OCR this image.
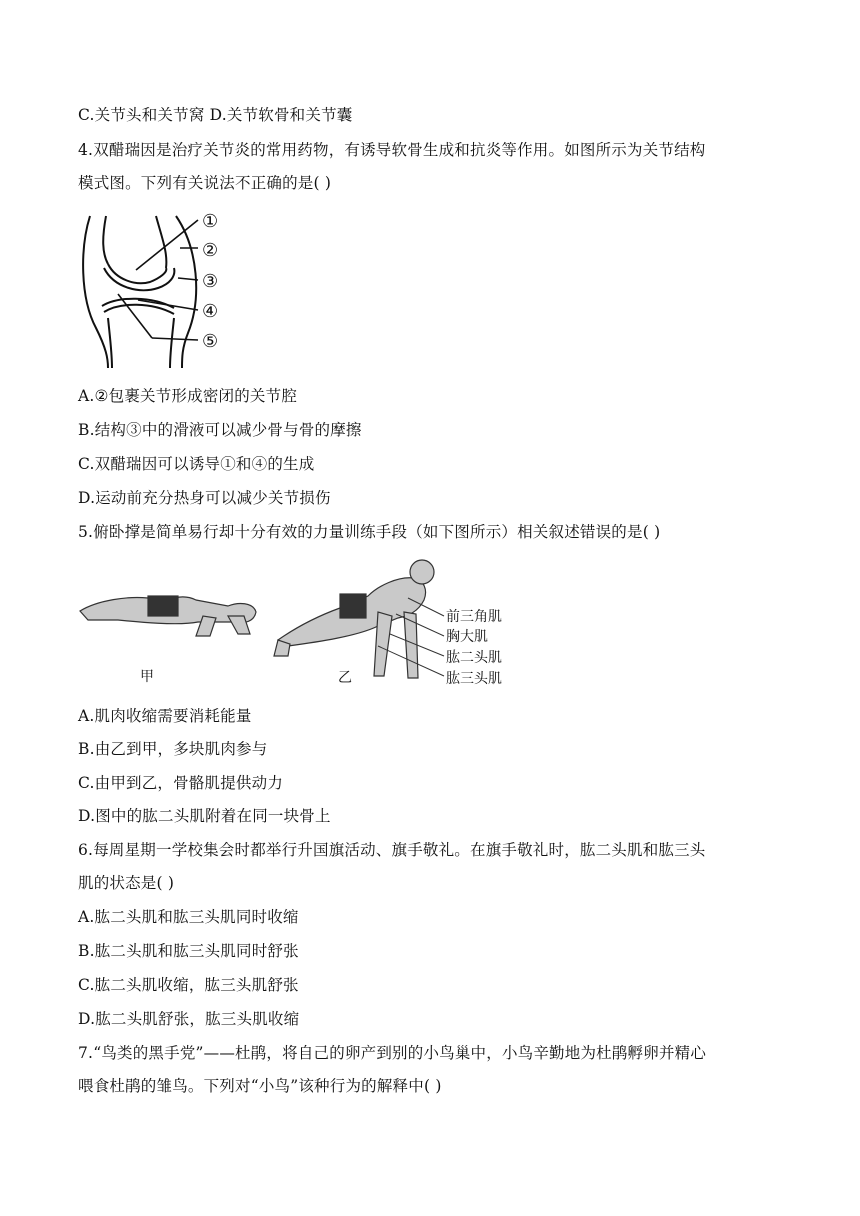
C.关节头和关节窝 D.关节软骨和关节囊
4.双醋瑞因是治疗关节炎的常用药物，有诱导软骨生成和抗炎等作用。如图所示为关节结构
模式图。下列有关说法不正确的是( )
①
②
③
④
⑤
A.②包裹关节形成密闭的关节腔
B.结构③中的滑液可以减少骨与骨的摩擦
C.双醋瑞因可以诱导①和④的生成
D.运动前充分热身可以减少关节损伤
5.俯卧撑是简单易行却十分有效的力量训练手段（如下图所示）相关叙述错误的是( )
前三角肌
胸大肌
肱二头肌
肱三头肌
甲	乙
A.肌肉收缩需要消耗能量
B.由乙到甲，多块肌肉参与
C.由甲到乙，骨骼肌提供动力
D.图中的肱二头肌附着在同一块骨上
6.每周星期一学校集会时都举行升国旗活动、旗手敬礼。在旗手敬礼时，肱二头肌和肱三头
肌的状态是( )
A.肱二头肌和肱三头肌同时收缩
B.肱二头肌和肱三头肌同时舒张
C.肱二头肌收缩，肱三头肌舒张
D.肱二头肌舒张，肱三头肌收缩
7.“鸟类的黑手党”——杜鹃，将自己的卵产到别的小鸟巢中，小鸟辛勤地为杜鹃孵卵并精心
喂食杜鹃的雏鸟。下列对“小鸟”该种行为的解释中( )
